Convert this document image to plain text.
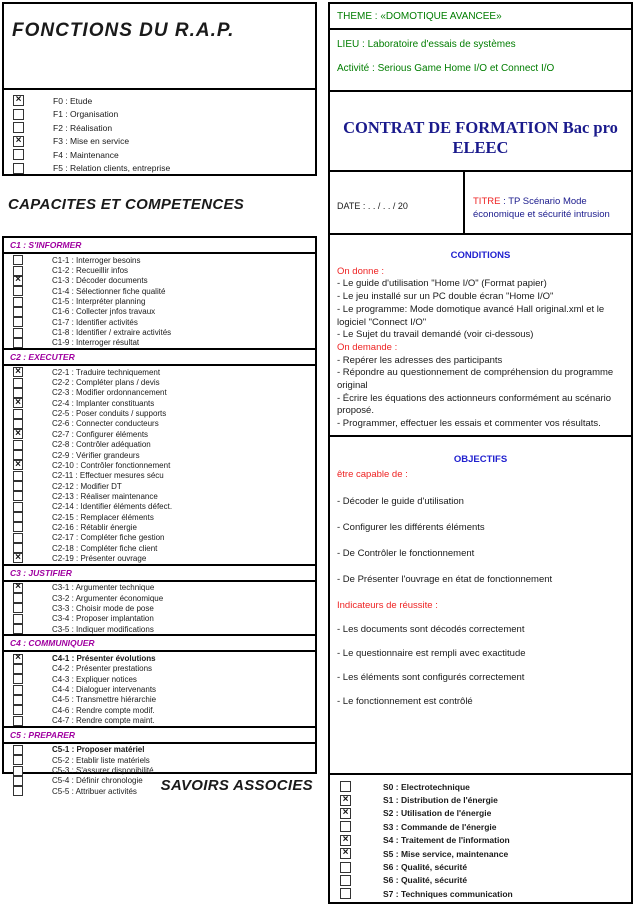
FONCTIONS DU R.A.P.
×
F0 : Etude
F1 : Organisation
F2 : Réalisation
×
F3 : Mise en service
F4 : Maintenance
F5 : Relation clients, entreprise
CAPACITES ET COMPETENCES
C1 : S'INFORMER
C1-1 : Interroger besoins
C1-2 : Recueillir infos
×
C1-3 : Décoder documents
C1-4 : Sélectionner fiche qualité
C1-5 : Interpréter planning
C1-6 : Collecter jnfos travaux
C1-7 : Identifier activités
C1-8 : Identifier / extraire activités
C1-9 : Interroger résultat
C2 : EXECUTER
×
C2-1 : Traduire techniquement
C2-2 : Compléter plans / devis
C2-3 : Modifier ordonnancement
×
C2-4 : Implanter constituants
C2-5 : Poser conduits / supports
C2-6 : Connecter conducteurs
×
C2-7 : Configurer éléments
C2-8 : Contrôler adéquation
C2-9 : Vérifier grandeurs
×
C2-10 : Contrôler fonctionnement
C2-11 : Effectuer mesures sécu
C2-12 : Modifier DT
C2-13 : Réaliser maintenance
C2-14 : Identifier éléments défect.
C2-15 : Remplacer éléments
C2-16 : Rétablir énergie
C2-17 : Compléter fiche gestion
C2-18 : Compléter fiche client
×
C2-19 : Présenter ouvrage
C3 : JUSTIFIER
×
C3-1 : Argumenter technique
C3-2 : Argumenter économique
C3-3 : Choisir mode de pose
C3-4 : Proposer implantation
C3-5 : Indiquer modifications
C4 : COMMUNIQUER
×
C4-1 : Présenter évolutions
C4-2 : Présenter prestations
C4-3 : Expliquer notices
C4-4 : Dialoguer intervenants
C4-5 : Transmettre hiérarchie
C4-6 : Rendre compte modif.
C4-7 : Rendre compte maint.
C5 : PREPARER
C5-1 : Proposer matériel
C5-2 : Etablir liste matériels
C5-3 : S'assurer disponibilité
C5-4 : Définir chronologie
C5-5 : Attribuer activités	SAVOIRS ASSOCIES
THEME : «DOMOTIQUE AVANCEE»
LIEU : Laboratoire d'essais de systèmes
Activité : Serious Game Home I/O et Connect I/O
CONTRAT DE FORMATION Bac pro ELEEC
DATE : . . / . . / 20	TITRE : TP Scénario Mode économique et sécurité intrusion
CONDITIONS
On donne :
- Le guide d'utilisation "Home I/O" (Format papier)
- Le jeu installé sur un PC double écran "Home I/O"
- Le programme: Mode domotique avancé Hall original.xml et le logiciel "Connect I/O"
- Le Sujet du travail demandé (voir ci-dessous)
On demande :
- Repérer les adresses des participants
- Répondre au questionnement de compréhension du programme original
- Écrire les équations des actionneurs conformément au scénario proposé.
- Programmer, effectuer les essais et commenter vos résultats.
OBJECTIFS
être capable de :
- Décoder le guide d'utilisation
- Configurer les différents éléments
- De Contrôler le fonctionnement
- De Présenter l'ouvrage en état de fonctionnement
Indicateurs de réussite :
- Les documents sont décodés correctement
- Le questionnaire est rempli avec exactitude
- Les éléments sont configurés correctement
- Le fonctionnement est contrôlé
S0 : Electrotechnique
×
S1 : Distribution de l'énergie
×
S2 : Utilisation de l'énergie
S3 : Commande de l'énergie
×
S4 : Traitement de l'information
×
S5 : Mise service, maintenance
S6 : Qualité, sécurité
S6 : Qualité, sécurité
S7 : Techniques communication
